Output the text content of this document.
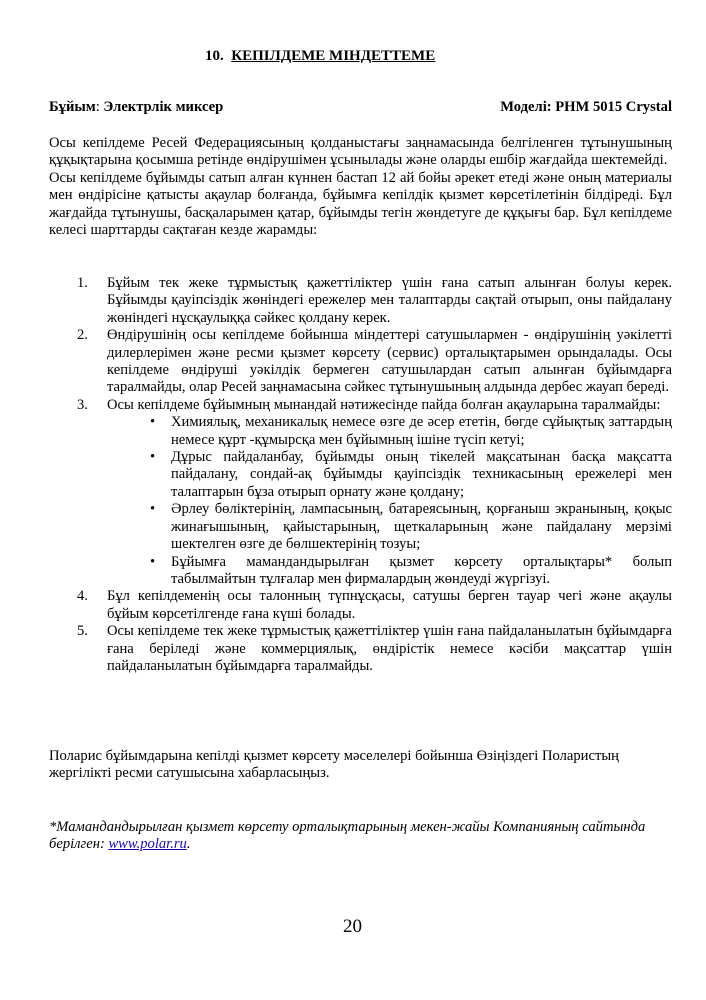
10. КЕПІЛДЕМЕ МІНДЕТТЕМЕ
Бұйым: Электрлік миксер	Моделі: PHM 5015 Crystal

Осы кепілдеме Ресей Федерациясының қолданыстағы заңнамасында белгіленген тұтынушының құқықтарына қосымша ретінде өндірушімен ұсынылады және оларды ешбір жағдайда шектемейді.

Осы кепілдеме бұйымды сатып алған күннен бастап 12 ай бойы әрекет етеді және оның материалы мен өндірісіне қатысты ақаулар болғанда, бұйымға кепілдік қызмет көрсетілетінін білдіреді. Бұл жағдайда тұтынушы, басқаларымен қатар, бұйымды тегін жөндетуге де құқығы бар. Бұл кепілдеме келесі шарттарды сақтаған кезде жарамды:

1. Бұйым тек жеке тұрмыстық қажеттіліктер үшін ғана сатып алынған болуы керек. Бұйымды қауіпсіздік жөніндегі ережелер мен талаптарды сақтай отырып, оны пайдалану жөніндегі нұсқаулыққа сәйкес қолдану керек.
2. Өндірушінің осы кепілдеме бойынша міндеттері сатушылармен - өндірушінің уәкілетті дилерлерімен және ресми қызмет көрсету (сервис) орталықтарымен орындалады. Осы кепілдеме өндіруші уәкілдік бермеген сатушылардан сатып алынған бұйымдарға таралмайды, олар Ресей заңнамасына сәйкес тұтынушының алдында дербес жауап береді.
3. Осы кепілдеме бұйымның мынандай нәтижесінде пайда болған ақауларына таралмайды:
• Химиялық, механикалық немесе өзге де әсер ететін, бөгде сұйықтық заттардың немесе құрт -құмырсқа мен бұйымның ішіне түсіп кетуі;
• Дұрыс пайдаланбау, бұйымды оның тікелей мақсатынан басқа мақсатта пайдалану, сондай-ақ бұйымды қауіпсіздік техникасының ережелері мен талаптарын бұза отырып орнату және қолдану;
• Әрлеу бөліктерінің, лампасының, батареясының, қорғаныш экранының, қоқыс жинағышының, қайыстарының, щеткаларының және пайдалану мерзімі шектелген өзге де бөлшектерінің тозуы;
• Бұйымға мамандандырылған қызмет көрсету орталықтары* болып табылмайтын тұлғалар мен фирмалардың жөндеуді жүргізуі.
4. Бұл кепілдеменің осы талонның түпнұсқасы, сатушы берген тауар чегі және ақаулы бұйым көрсетілгенде ғана күші болады.
5. Осы кепілдеме тек жеке тұрмыстық қажеттіліктер үшін ғана пайдаланылатын бұйымдарға ғана беріледі және коммерциялық, өндірістік немесе кәсіби мақсаттар үшін пайдаланылатын бұйымдарға таралмайды.

Поларис бұйымдарына кепілді қызмет көрсету мәселелері бойынша Өзіңіздегі Поларистың жергілікті ресми сатушысына хабарласыңыз.

*Мамандандырылған қызмет көрсету орталықтарының мекен-жайы Компанияның сайтында берілген: www.polar.ru.
20
